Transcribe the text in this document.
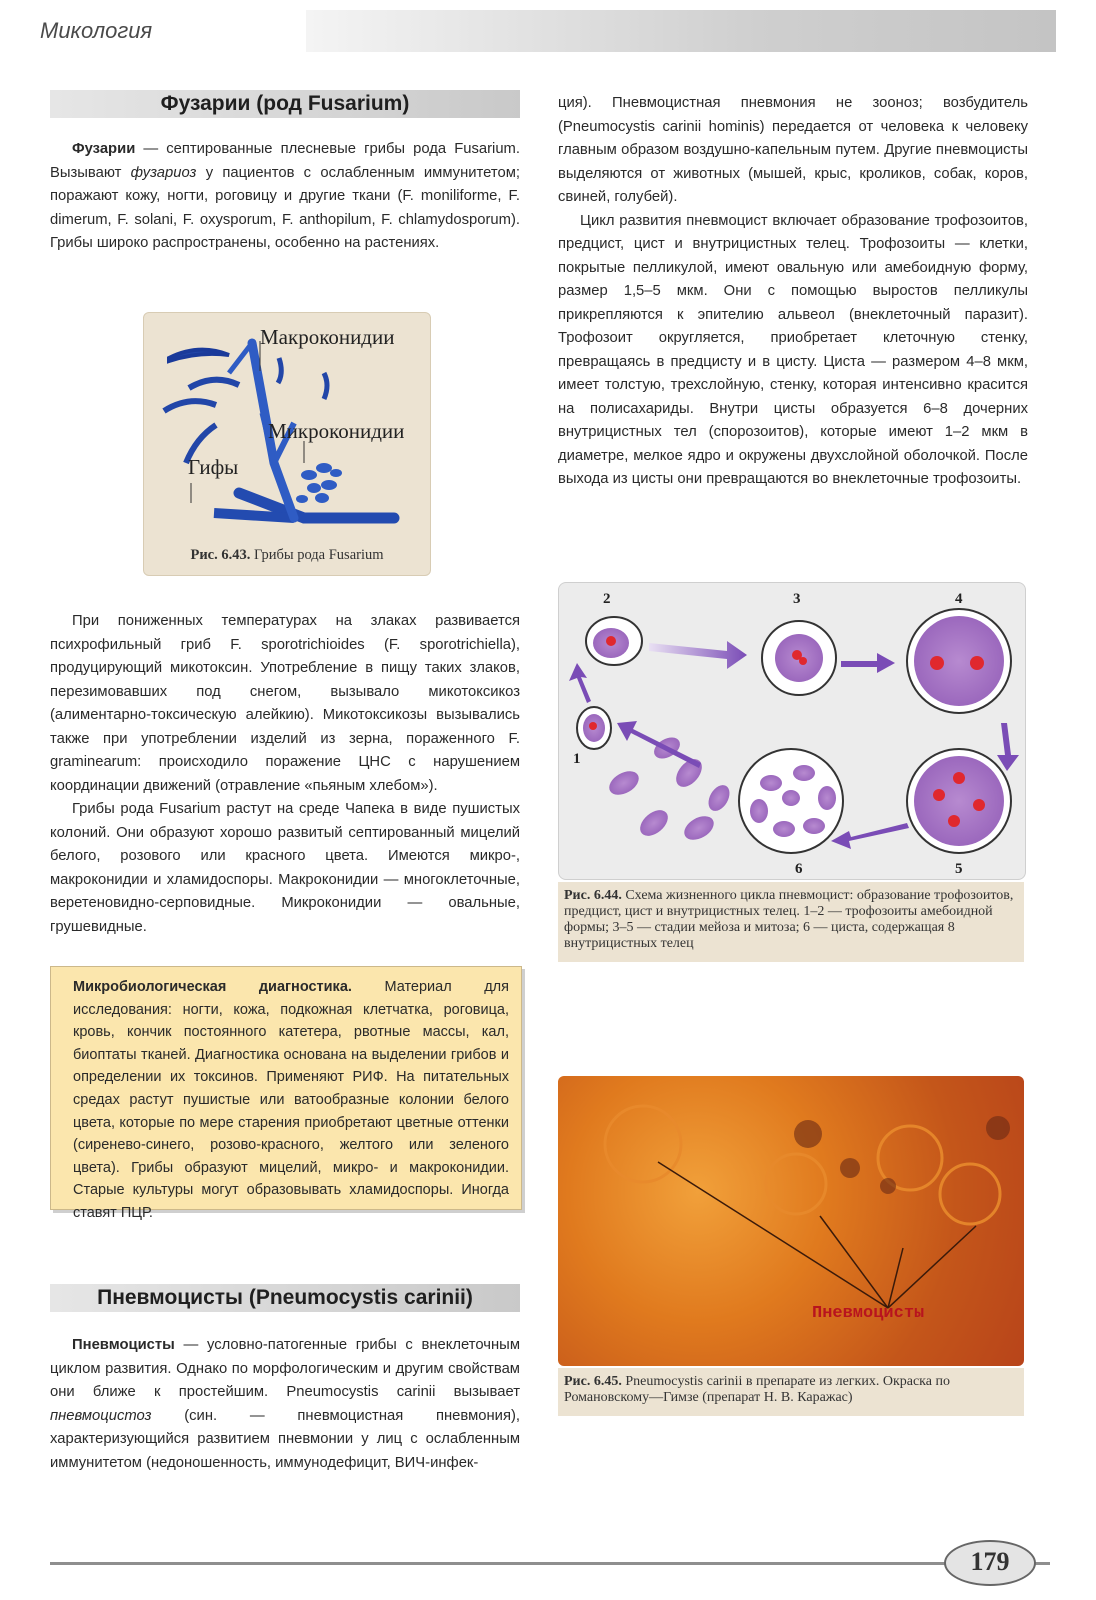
Микология
Фузарии (род Fusarium)

Фузарии — септированные плесневые грибы рода Fusarium. Вызывают фузариоз у пациентов с ослабленным иммунитетом; поражают кожу, ногти, роговицу и другие ткани (F. moniliforme, F. dimerum, F. solani, F. oxysporum, F. anthopilum, F. chlamydosporum). Грибы широко распространены, особенно на растениях.

Макроконидии
Микроконидии
Гифы
Рис. 6.43. Грибы рода Fusarium

При пониженных температурах на злаках развивается психрофильный гриб F. sporotrichioides (F. sporotrichiella), продуцирующий микотоксин. Употребление в пищу таких злаков, перезимовавших под снегом, вызывало микотоксикоз (алиментарно-токсическую алейкию). Микотоксикозы вызывались также при употреблении изделий из зерна, пораженного F. graminearum: происходило поражение ЦНС с нарушением координации движений (отравление «пьяным хлебом»).

Грибы рода Fusarium растут на среде Чапека в виде пушистых колоний. Они образуют хорошо развитый септированный мицелий белого, розового или красного цвета. Имеются микро-, макроконидии и хламидоспоры. Макроконидии — многоклеточные, веретеновидно-серповидные. Микроконидии — овальные, грушевидные.

Микробиологическая диагностика. Материал для исследования: ногти, кожа, подкожная клетчатка, роговица, кровь, кончик постоянного катетера, рвотные массы, кал, биоптаты тканей. Диагностика основана на выделении грибов и определении их токсинов. Применяют РИФ. На питательных средах растут пушистые или ватообразные колонии белого цвета, которые по мере старения приобретают цветные оттенки (сиренево-синего, розово-красного, желтого или зеленого цвета). Грибы образуют мицелий, микро- и макроконидии. Старые культуры могут образовывать хламидоспоры. Иногда ставят ПЦР.
Пневмоцисты (Pneumocystis carinii)

Пневмоцисты — условно-патогенные грибы с внеклеточным циклом развития. Однако по морфологическим и другим свойствам они ближе к простейшим. Pneumocystis carinii вызывает пневмоцистоз (син. — пневмоцистная пневмония), характеризующийся развитием пневмонии у лиц с ослабленным иммунитетом (недоношенность, иммунодефицит, ВИЧ-инфек-

ция). Пневмоцистная пневмония не зооноз; возбудитель (Pneumocystis carinii hominis) передается от человека к человеку главным образом воздушно-капельным путем. Другие пневмоцисты выделяются от животных (мышей, крыс, кроликов, собак, коров, свиней, голубей).

Цикл развития пневмоцист включает образование трофозоитов, предцист, цист и внутрицистных телец. Трофозоиты — клетки, покрытые пелликулой, имеют овальную или амебоидную форму, размер 1,5–5 мкм. Они с помощью выростов пелликулы прикрепляются к эпителию альвеол (внеклеточный паразит). Трофозоит округляется, приобретает клеточную стенку, превращаясь в предцисту и в цисту. Циста — размером 4–8 мкм, имеет толстую, трехслойную, стенку, которая интенсивно красится на полисахариды. Внутри цисты образуется 6–8 дочерних внутрицистных тел (спорозоитов), которые имеют 1–2 мкм в диаметре, мелкое ядро и окружены двухслойной оболочкой. После выхода из цисты они превращаются во внеклеточные трофозоиты.

2	3	4
1
5
6
Рис. 6.44. Схема жизненного цикла пневмоцист: образование трофозоитов, предцист, цист и внутрицистных телец. 1–2 — трофозоиты амебоидной формы; 3–5 — стадии мейоза и митоза; 6 — циста, содержащая 8 внутрицистных телец
Пневмоцисты
Рис. 6.45. Pneumocystis carinii в препарате из легких. Окраска по Романовскому—Гимзе (препарат Н. В. Каражас)
179
